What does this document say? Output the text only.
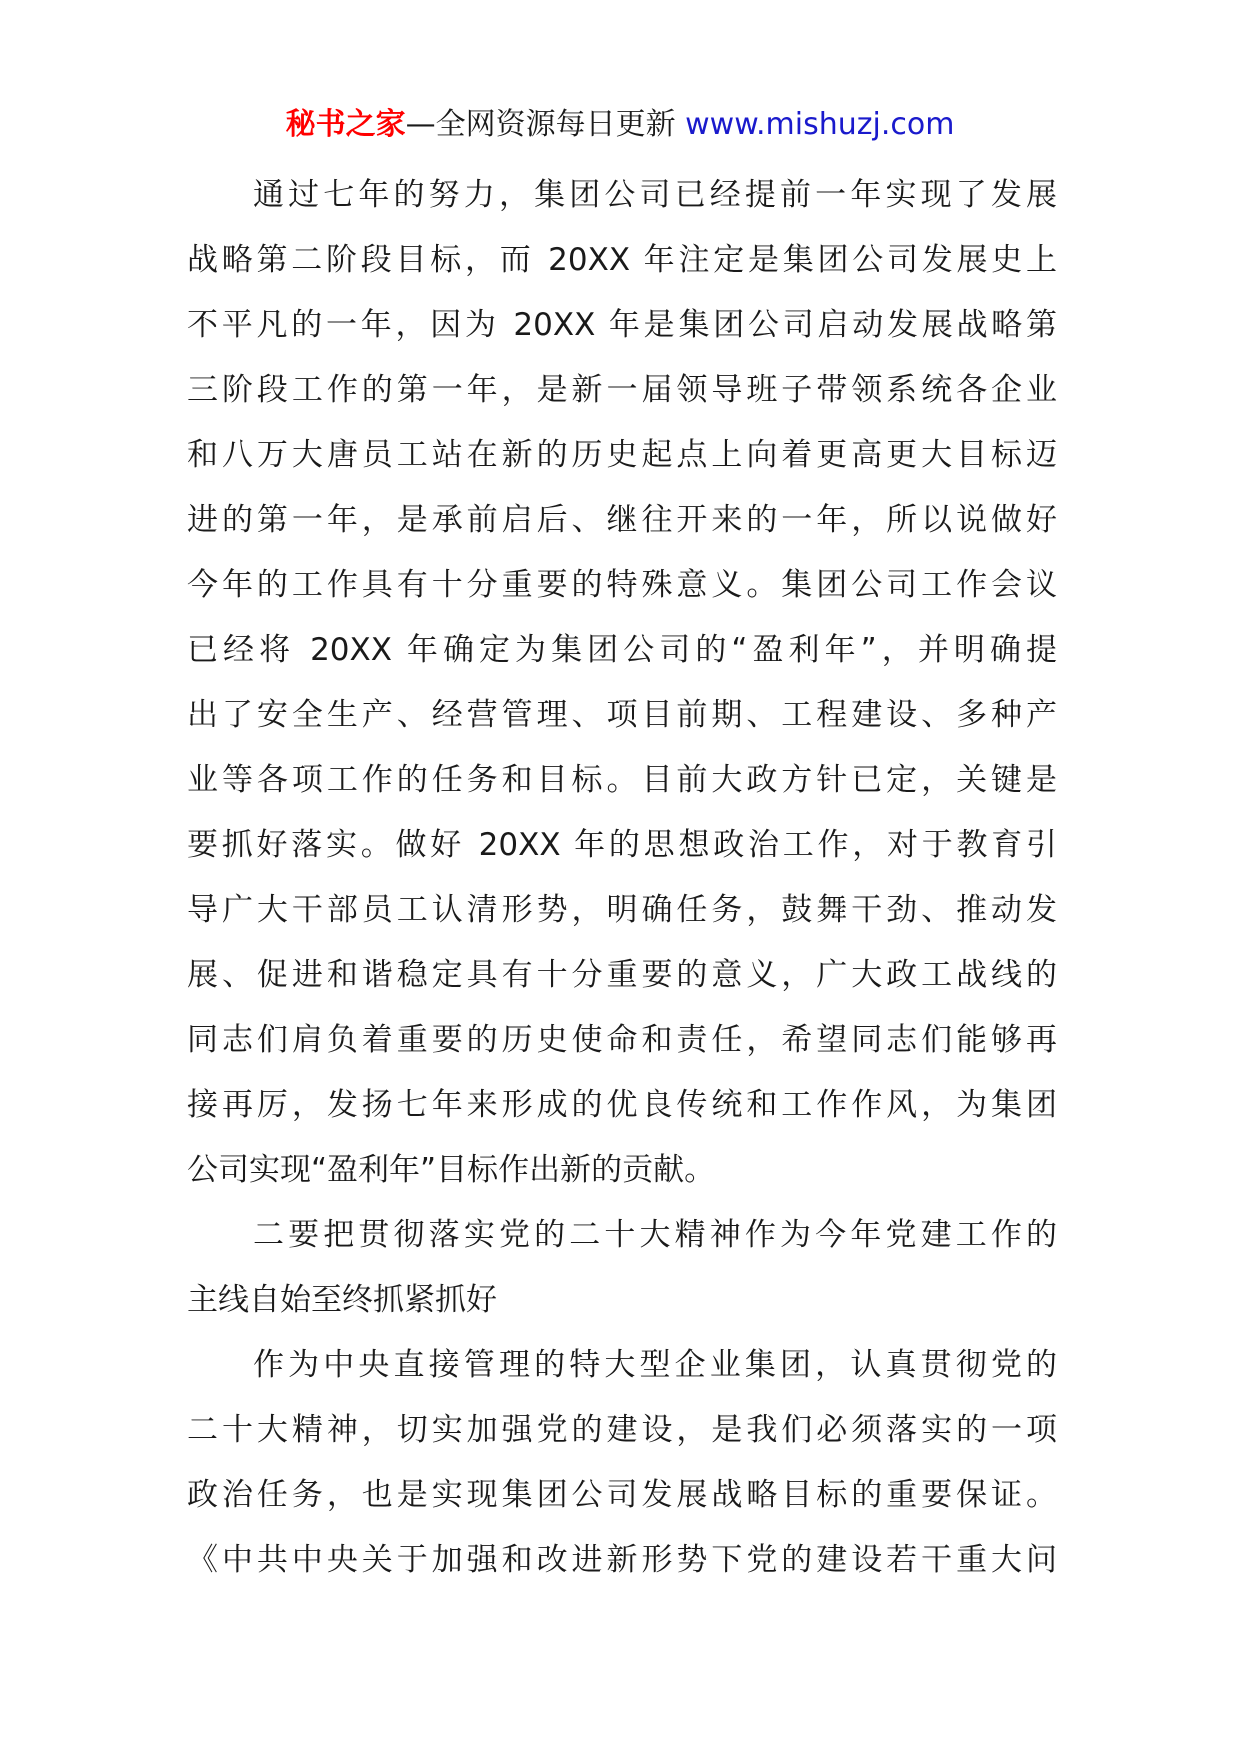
秘书之家—全网资源每日更新 www.mishuzj.com
通过七年的努力，集团公司已经提前一年实现了发展
战略第二阶段目标，而 20XX 年注定是集团公司发展史上
不平凡的一年，因为 20XX 年是集团公司启动发展战略第
三阶段工作的第一年，是新一届领导班子带领系统各企业
和八万大唐员工站在新的历史起点上向着更高更大目标迈
进的第一年，是承前启后、继往开来的一年，所以说做好
今年的工作具有十分重要的特殊意义。集团公司工作会议
已经将 20XX 年确定为集团公司的“盈利年”，并明确提
出了安全生产、经营管理、项目前期、工程建设、多种产
业等各项工作的任务和目标。目前大政方针已定，关键是
要抓好落实。做好 20XX 年的思想政治工作，对于教育引
导广大干部员工认清形势，明确任务，鼓舞干劲、推动发
展、促进和谐稳定具有十分重要的意义，广大政工战线的
同志们肩负着重要的历史使命和责任，希望同志们能够再
接再厉，发扬七年来形成的优良传统和工作作风，为集团
公司实现“盈利年”目标作出新的贡献。
二要把贯彻落实党的二十大精神作为今年党建工作的
主线自始至终抓紧抓好
作为中央直接管理的特大型企业集团，认真贯彻党的
二十大精神，切实加强党的建设，是我们必须落实的一项
政治任务，也是实现集团公司发展战略目标的重要保证。
《中共中央关于加强和改进新形势下党的建设若干重大问
